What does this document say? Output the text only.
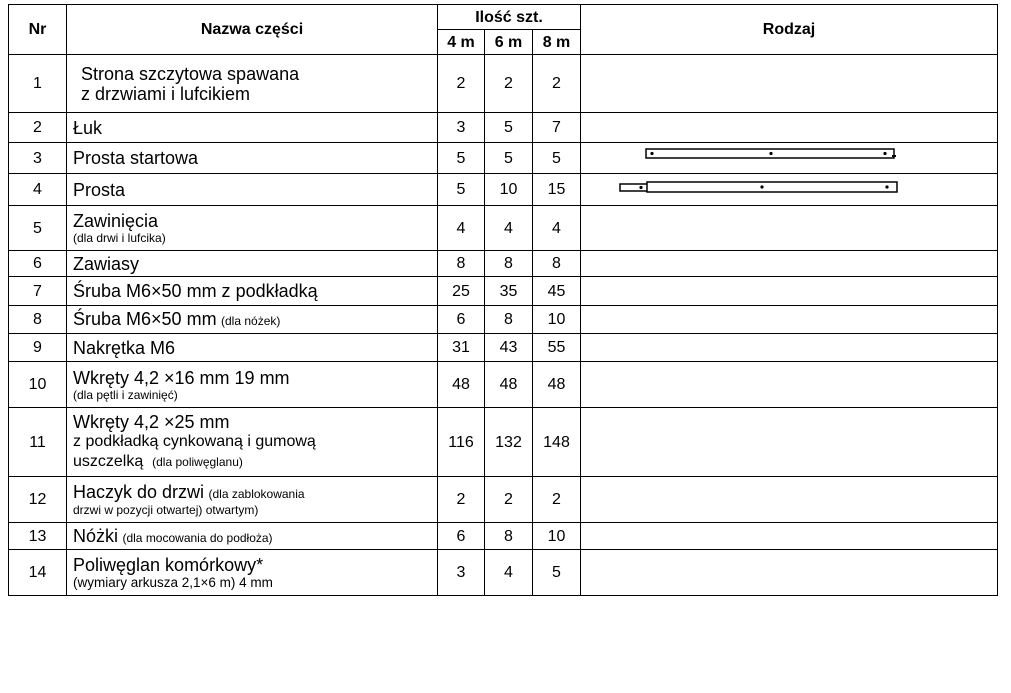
Nr	Nazwa części	Ilość szt.			Rodzaj
		4 m	6 m	8 m	
1	Strona szczytowa spawana
z drzwiami i lufcikiem	2	2	2	
2	Łuk	3	5	7	
3	Prosta startowa	5	5	5	

4	Prosta	5	10	15	

5	Zawinięcia
(dla drwi i lufcika)	4	4	4	
6	Zawiasy	8	8	8	
7	Śruba M6×50 mm z podkładką	25	35	45	
8	Śruba M6×50 mm (dla nóżek)	6	8	10	
9	Nakrętka M6	31	43	55	
10	Wkręty 4,2 ×16 mm 19 mm
(dla pętli i zawinięć)	48	48	48	
11	Wkręty 4,2 ×25 mm
z podkładką cynkowaną i gumową
uszczelką (dla poliwęglanu)	116	132	148	
12	Haczyk do drzwi (dla zablokowania
drzwi w pozycji otwartej) otwartym)	2	2	2	
13	Nóżki (dla mocowania do podłoża)	6	8	10	
14	Poliwęglan komórkowy*
(wymiary arkusza 2,1×6 m) 4 mm	3	4	5	
